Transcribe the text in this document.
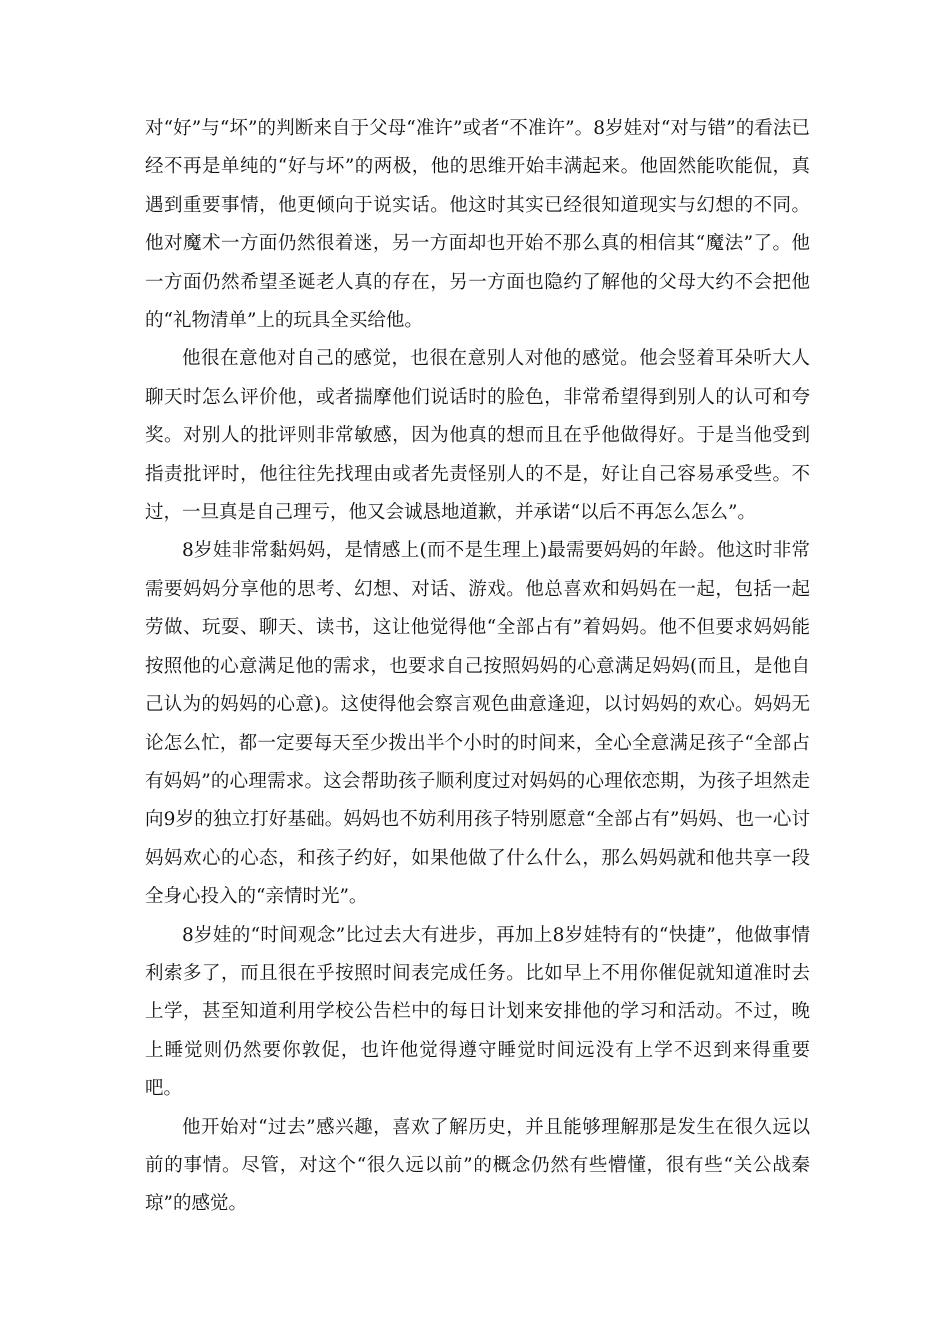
对“好”与“坏”的判断来自于父母“准许”或者“不准许”。8岁娃对“对与错”的看法已经不再是单纯的“好与坏”的两极，他的思维开始丰满起来。他固然能吹能侃，真遇到重要事情，他更倾向于说实话。他这时其实已经很知道现实与幻想的不同。他对魔术一方面仍然很着迷，另一方面却也开始不那么真的相信其“魔法”了。他一方面仍然希望圣诞老人真的存在，另一方面也隐约了解他的父母大约不会把他的“礼物清单”上的玩具全买给他。

他很在意他对自己的感觉，也很在意别人对他的感觉。他会竖着耳朵听大人聊天时怎么评价他，或者揣摩他们说话时的脸色，非常希望得到别人的认可和夸奖。对别人的批评则非常敏感，因为他真的想而且在乎他做得好。于是当他受到指责批评时，他往往先找理由或者先责怪别人的不是，好让自己容易承受些。不过，一旦真是自己理亏，他又会诚恳地道歉，并承诺“以后不再怎么怎么”。

8岁娃非常黏妈妈，是情感上(而不是生理上)最需要妈妈的年龄。他这时非常需要妈妈分享他的思考、幻想、对话、游戏。他总喜欢和妈妈在一起，包括一起劳做、玩耍、聊天、读书，这让他觉得他“全部占有”着妈妈。他不但要求妈妈能按照他的心意满足他的需求，也要求自己按照妈妈的心意满足妈妈(而且，是他自己认为的妈妈的心意)。这使得他会察言观色曲意逢迎，以讨妈妈的欢心。妈妈无论怎么忙，都一定要每天至少拨出半个小时的时间来，全心全意满足孩子“全部占有妈妈”的心理需求。这会帮助孩子顺利度过对妈妈的心理依恋期，为孩子坦然走向9岁的独立打好基础。妈妈也不妨利用孩子特别愿意“全部占有”妈妈、也一心讨妈妈欢心的心态，和孩子约好，如果他做了什么什么，那么妈妈就和他共享一段全身心投入的“亲情时光”。

8岁娃的“时间观念”比过去大有进步，再加上8岁娃特有的“快捷”，他做事情利索多了，而且很在乎按照时间表完成任务。比如早上不用你催促就知道准时去上学，甚至知道利用学校公告栏中的每日计划来安排他的学习和活动。不过，晚上睡觉则仍然要你敦促，也许他觉得遵守睡觉时间远没有上学不迟到来得重要吧。

他开始对“过去”感兴趣，喜欢了解历史，并且能够理解那是发生在很久远以前的事情。尽管，对这个“很久远以前”的概念仍然有些懵懂，很有些“关公战秦琼”的感觉。
